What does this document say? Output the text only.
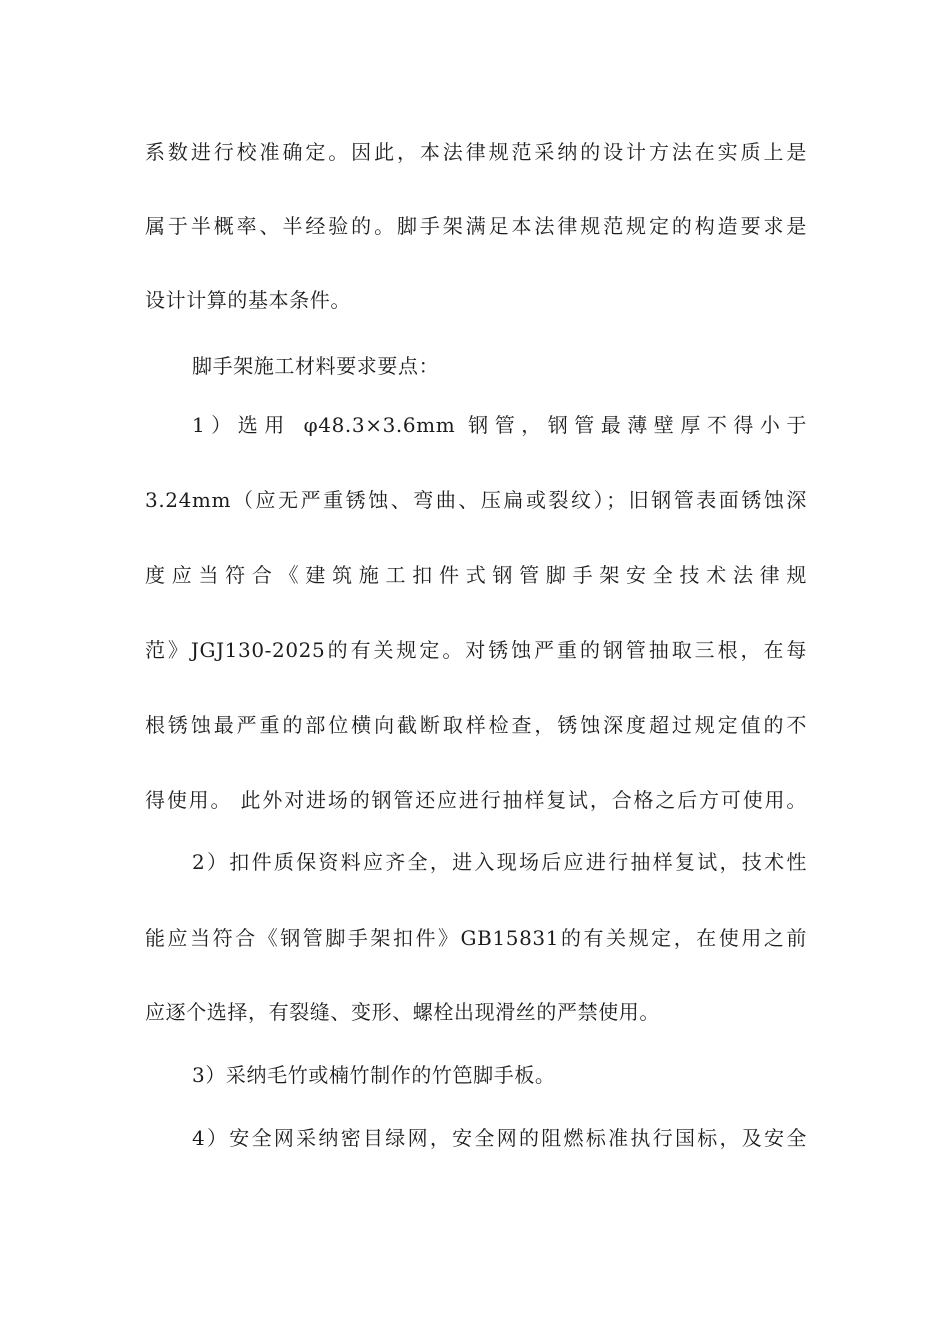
系数进行校准确定。因此，本法律规范采纳的设计方法在实质上是
属于半概率、半经验的。脚手架满足本法律规范规定的构造要求是
设计计算的基本条件。
脚手架施工材料要求要点：
1）选用 φ48.3×3.6mm 钢管，钢管最薄壁厚不得小于
3.24mm（应无严重锈蚀、弯曲、压扁或裂纹）；旧钢管表面锈蚀深
度应当符合《建筑施工扣件式钢管脚手架安全技术法律规
范》JGJ130-2025的有关规定。对锈蚀严重的钢管抽取三根，在每
根锈蚀最严重的部位横向截断取样检查，锈蚀深度超过规定值的不
得使用。 此外对进场的钢管还应进行抽样复试，合格之后方可使用。
2）扣件质保资料应齐全，进入现场后应进行抽样复试，技术性
能应当符合《钢管脚手架扣件》GB15831的有关规定，在使用之前
应逐个选择，有裂缝、变形、螺栓出现滑丝的严禁使用。
3）采纳毛竹或楠竹制作的竹笆脚手板。
4）安全网采纳密目绿网，安全网的阻燃标准执行国标，及安全
